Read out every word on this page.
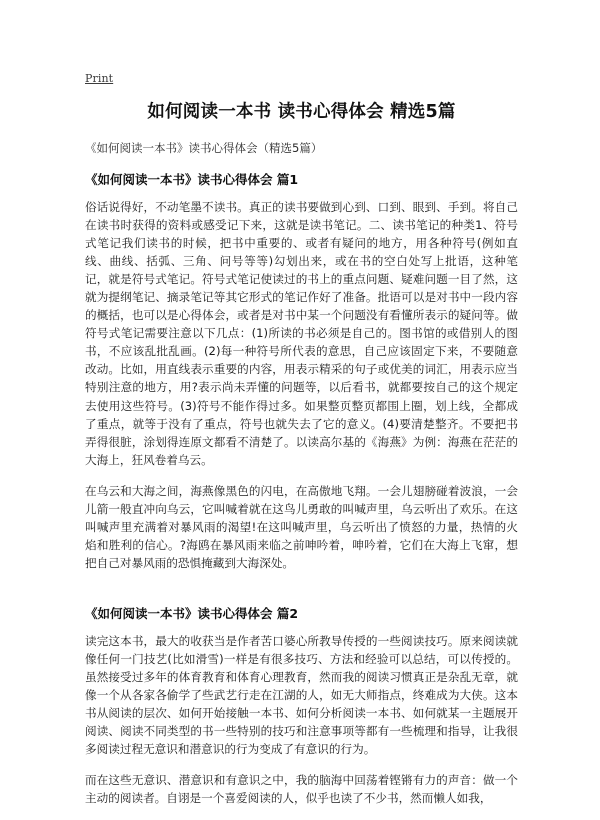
Print
如何阅读一本书 读书心得体会 精选5篇

《如何阅读一本书》读书心得体会（精选5篇）

《如何阅读一本书》读书心得体会 篇1

俗话说得好，不动笔墨不读书。真正的读书要做到心到、口到、眼到、手到。将自己在读书时获得的资料或感受记下来，这就是读书笔记。二、读书笔记的种类1、符号式笔记我们读书的时候，把书中重要的、或者有疑问的地方，用各种符号(例如直线、曲线、括弧、三角、问号等等)勾划出来，或在书的空白处写上批语，这种笔记，就是符号式笔记。符号式笔记使读过的书上的重点问题、疑难问题一目了然，这就为提纲笔记、摘录笔记等其它形式的笔记作好了准备。批语可以是对书中一段内容的概括，也可以是心得体会，或者是对书中某一个问题没有看懂所表示的疑问等。做符号式笔记需要注意以下几点：(1)所读的书必须是自己的。图书馆的或借别人的图书，不应该乱批乱画。(2)每一种符号所代表的意思，自己应该固定下来，不要随意改动。比如，用直线表示重要的内容，用表示精采的句子或优美的词汇，用表示应当特别注意的地方，用?表示尚未弄懂的问题等，以后看书，就都要按自己的这个规定去使用这些符号。(3)符号不能作得过多。如果整页整页都围上圈，划上线，全都成了重点，就等于没有了重点，符号也就失去了它的意义。(4)要清楚整齐。不要把书弄得很脏，涂划得连原文都看不清楚了。以读高尔基的《海燕》为例：海燕在茫茫的大海上，狂风卷着乌云。

在乌云和大海之间，海燕像黑色的闪电，在高傲地飞翔。一会儿翅膀碰着波浪，一会儿箭一般直冲向乌云，它叫喊着就在这鸟儿勇敢的叫喊声里，乌云听出了欢乐。在这叫喊声里充满着对暴风雨的渴望!在这叫喊声里，乌云听出了愤怒的力量，热情的火焰和胜利的信心。?海鸥在暴风雨来临之前呻吟着，呻吟着，它们在大海上飞窜，想把自己对暴风雨的恐惧掩藏到大海深处。

《如何阅读一本书》读书心得体会 篇2

读完这本书，最大的收获当是作者苦口婆心所教导传授的一些阅读技巧。原来阅读就像任何一门技艺(比如滑雪)一样是有很多技巧、方法和经验可以总结，可以传授的。虽然接受过多年的体育教育和体育心理教育，然而我的阅读习惯真正是杂乱无章，就像一个从各家各偷学了些武艺行走在江湖的人，如无大师指点，终难成为大侠。这本书从阅读的层次、如何开始接触一本书、如何分析阅读一本书、如何就某一主题展开阅读、阅读不同类型的书一些特别的技巧和注意事项等都有一些梳理和指导，让我很多阅读过程无意识和潜意识的行为变成了有意识的行为。

而在这些无意识、潜意识和有意识之中，我的脑海中回荡着铿锵有力的声音：做一个主动的阅读者。自诩是一个喜爱阅读的人，似乎也读了不少书，然而懒人如我，
